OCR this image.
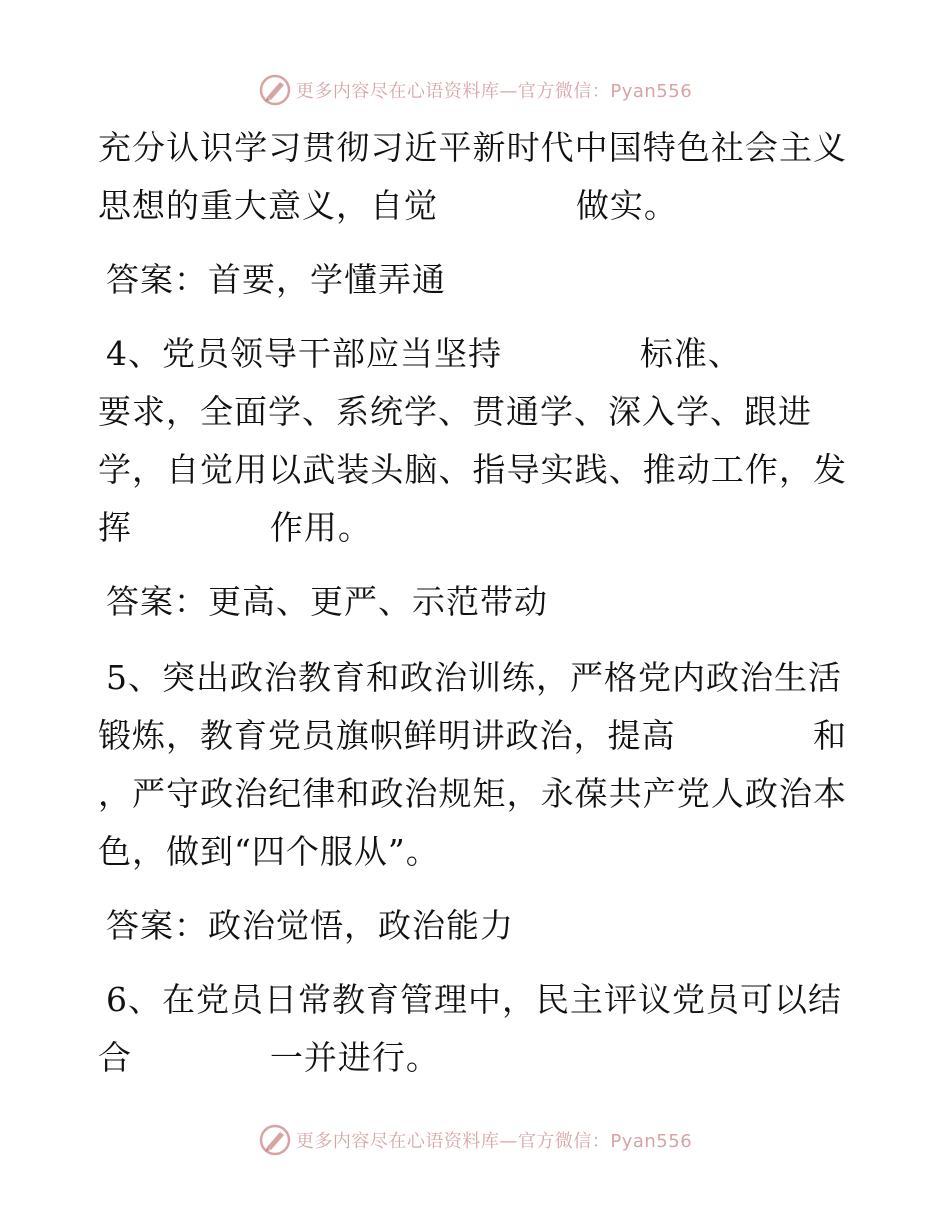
更多内容尽在心语资料库—官方微信：Pyan556
充分认识学习贯彻习近平新时代中国特色社会主义
思想的重大意义，自觉            做实。
答案：首要，学懂弄通
4、党员领导干部应当坚持            标准、
要求，全面学、系统学、贯通学、深入学、跟进
学，自觉用以武装头脑、指导实践、推动工作，发
挥            作用。
答案：更高、更严、示范带动
5、突出政治教育和政治训练，严格党内政治生活
锻炼，教育党员旗帜鲜明讲政治，提高            和
，严守政治纪律和政治规矩，永葆共产党人政治本
色，做到“四个服从”。
答案：政治觉悟，政治能力
6、在党员日常教育管理中，民主评议党员可以结
合            一并进行。
更多内容尽在心语资料库—官方微信：Pyan556
